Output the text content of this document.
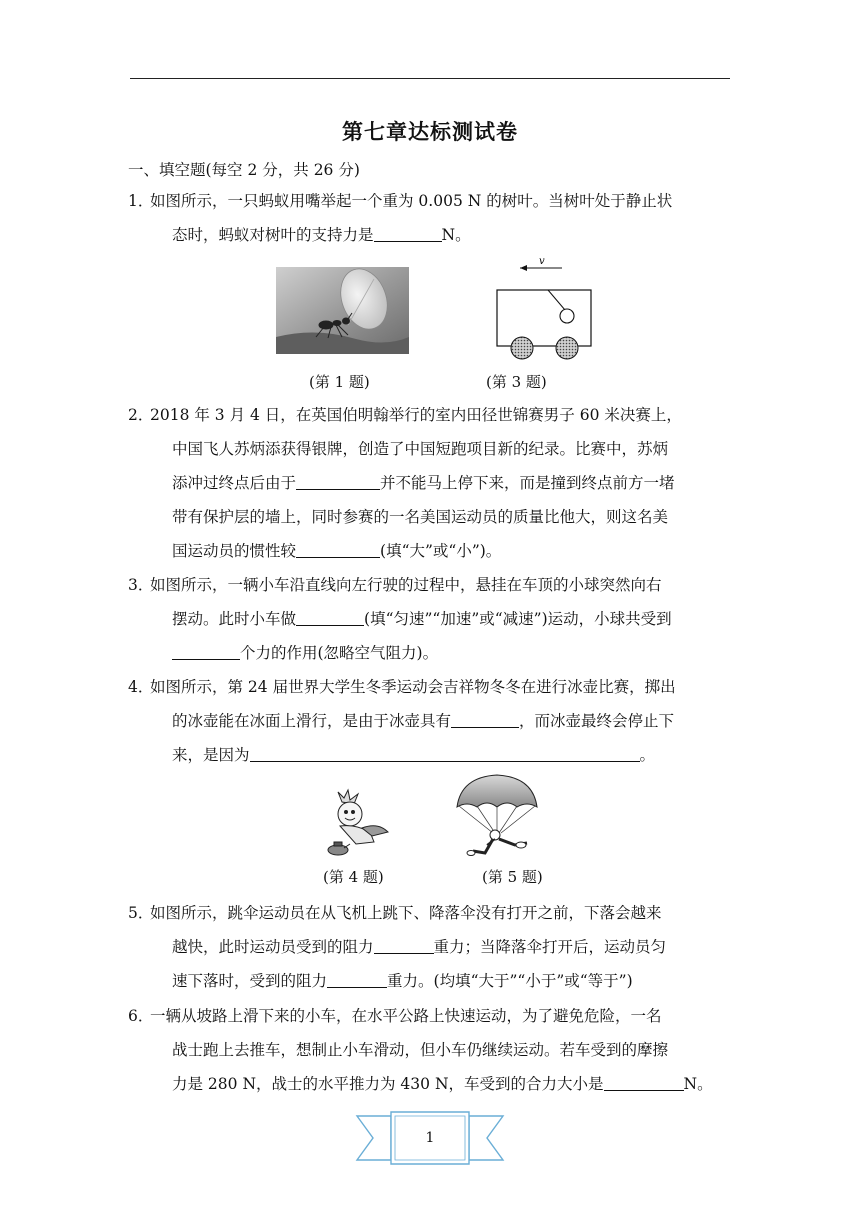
第七章达标测试卷
一、填空题(每空 2 分，共 26 分)
1．
如图所示，一只蚂蚁用嘴举起一个重为 0.005 N 的树叶。当树叶处于静止状
态时，蚂蚁对树叶的支持力是	N。
v
(第 1 题)	(第 3 题)
2．
2018 年 3 月 4 日，在英国伯明翰举行的室内田径世锦赛男子 60 米决赛上，
中国飞人苏炳添获得银牌，创造了中国短跑项目新的纪录。比赛中，苏炳
添冲过终点后由于	并不能马上停下来，而是撞到终点前方一堵
带有保护层的墙上，同时参赛的一名美国运动员的质量比他大，则这名美
国运动员的惯性较	(填“大”或“小”)。
3．
如图所示，一辆小车沿直线向左行驶的过程中，悬挂在车顶的小球突然向右
摆动。此时小车做	(填“匀速”“加速”或“减速”)运动，小球共受到
个力的作用(忽略空气阻力)。
4．
如图所示，第 24 届世界大学生冬季运动会吉祥物冬冬在进行冰壶比赛，掷出
的冰壶能在冰面上滑行，是由于冰壶具有	，而冰壶最终会停止下
来，是因为	。
(第 4 题)	(第 5 题)
5．
如图所示，跳伞运动员在从飞机上跳下、降落伞没有打开之前，下落会越来
越快，此时运动员受到的阻力	重力；当降落伞打开后，运动员匀
速下落时，受到的阻力	重力。(均填“大于”“小于”或“等于”)
6．
一辆从坡路上滑下来的小车，在水平公路上快速运动，为了避免危险，一名
战士跑上去推车，想制止小车滑动，但小车仍继续运动。若车受到的摩擦
力是 280 N，战士的水平推力为 430 N，车受到的合力大小是	N。
1
